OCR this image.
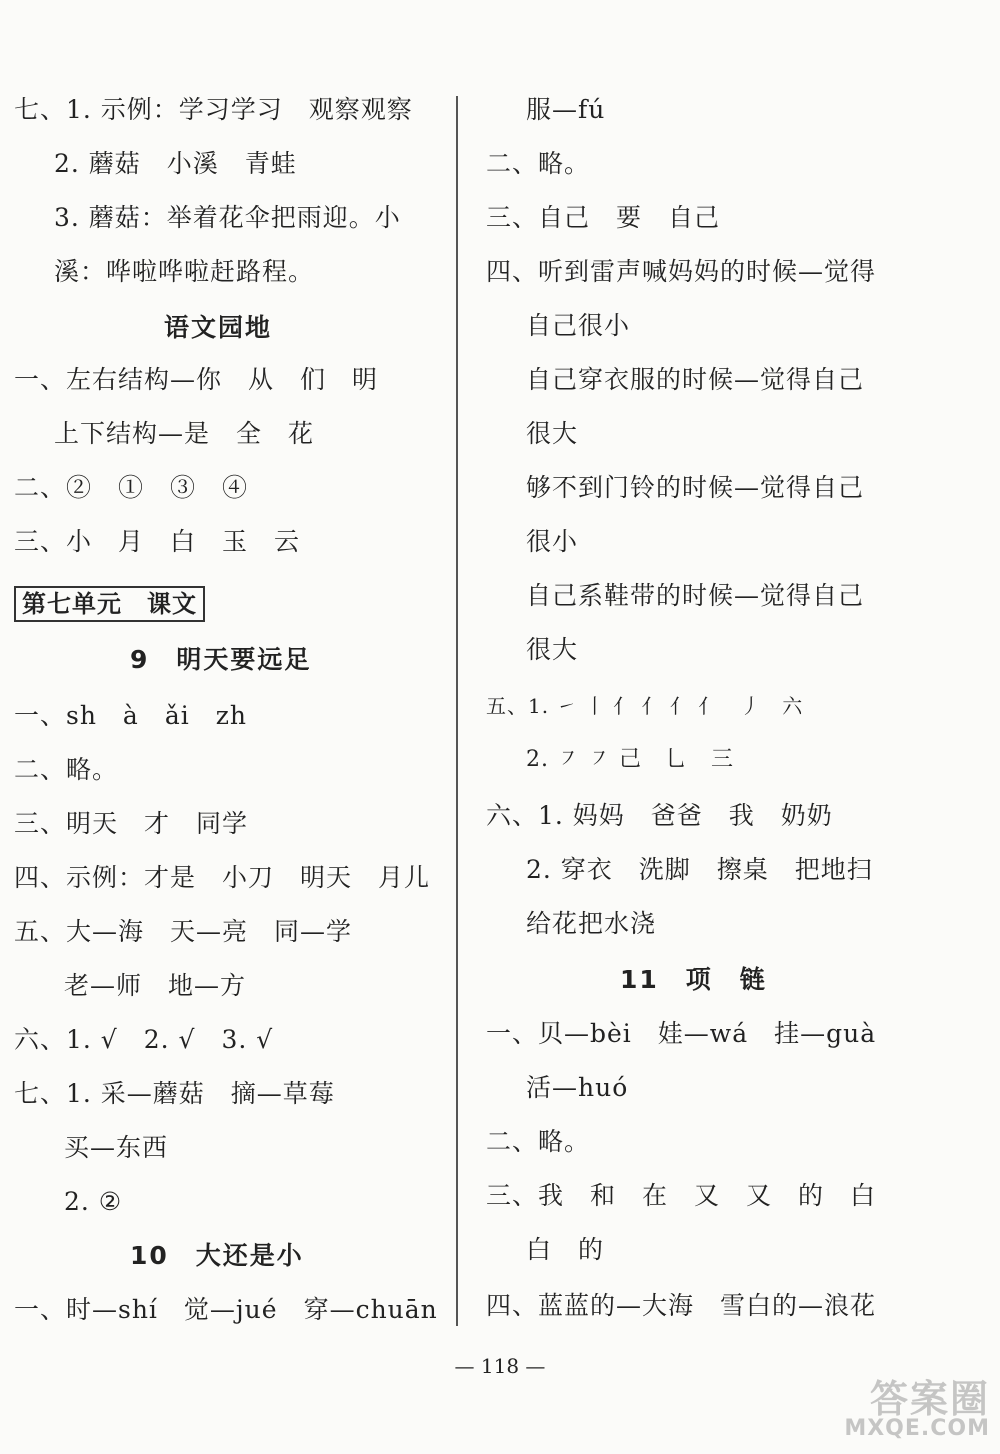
七、1. 示例：学习学习　观察观察
2. 蘑菇　小溪　青蛙
3. 蘑菇：举着花伞把雨迎。小
溪：哗啦哗啦赶路程。
语文园地
一、左右结构—你　从　们　明
上下结构—是　全　花
二、②　①　③　④
三、小　月　白　玉　云
第七单元　课文
9　明天要远足
一、sh　à　ǎi　zh
二、略。
三、明天　才　同学
四、示例：才是　小刀　明天　月儿
五、大—海　天—亮　同—学
老—师　地—方
六、1. √　2. √　3. √
七、1. 采—蘑菇　摘—草莓
买—东西
2. ②
10　大还是小
一、时—shí　觉—jué　穿—chuān
服—fú
二、略。
三、自己　要　自己
四、听到雷声喊妈妈的时候—觉得
自己很小
自己穿衣服的时候—觉得自己
很大
够不到门铃的时候—觉得自己
很小
自己系鞋带的时候—觉得自己
很大
五、1. ㇀ 丨 亻 亻 亻 亻　丿　六
2. ㇇ ㇇ 己　乚　三
六、1. 妈妈　爸爸　我　奶奶
2. 穿衣　洗脚　擦桌　把地扫
给花把水浇
11　项　链
一、贝—bèi　娃—wá　挂—guà
活—huó
二、略。
三、我　和　在　又　又　的　白
白　的
四、蓝蓝的—大海　雪白的—浪花
— 118 —
答案圈
MXQE.COM
